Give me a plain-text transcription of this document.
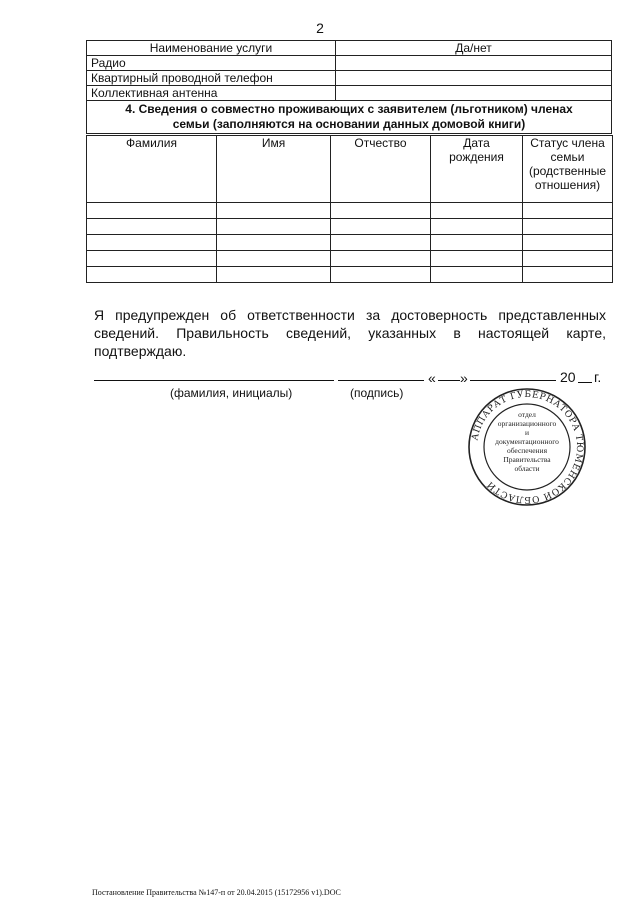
2
Наименование услуги	Да/нет
Радио	
Квартирный проводной телефон	
Коллективная антенна	

4. Сведения о совместно проживающих с заявителем (льготником) членах
семьи (заполняются на основании данных домовой книги)	
Фамилия	Имя	Отчество	Дата рождения	Статус члена семьи (родственные отношения)

Я предупрежден об ответственности за достоверность представленных сведений. Правильность сведений, указанных в настоящей карте, подтверждаю.
« »	20 г.
(фамилия, инициалы)	(подпись)
АППАРАТ ГУБЕРНАТОРА ТЮМЕНСКОЙ ОБЛАСТИ
отдел
организационного
и
документационного
обеспечения
Правительства
области
Постановление Правительства №147-п от 20.04.2015 (15172956 v1).DOC
